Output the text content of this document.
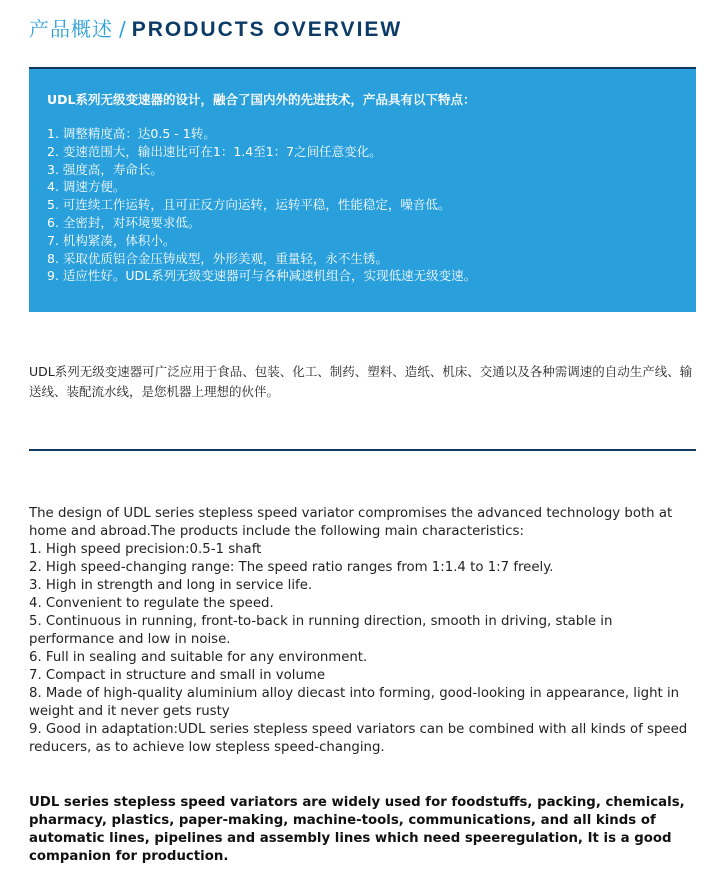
产品概述 / PRODUCTS OVERVIEW

UDL系列无级变速器的设计，融合了国内外的先进技术，产品具有以下特点：

1. 调整精度高：达0.5 - 1转。
2. 变速范围大，输出速比可在1：1.4至1：7之间任意变化。
3. 强度高，寿命长。
4. 调速方便。
5. 可连续工作运转，且可正反方向运转，运转平稳，性能稳定，噪音低。
6. 全密封，对环境要求低。
7. 机构紧凑，体积小。
8. 采取优质铝合金压铸成型，外形美观，重量轻，永不生锈。
9. 适应性好。UDL系列无级变速器可与各种减速机组合，实现低速无级变速。

UDL系列无级变速器可广泛应用于食品、包装、化工、制药、塑料、造纸、机床、交通以及各种需调速的自动生产线、输送线、装配流水线，是您机器上理想的伙伴。

The design of UDL series stepless speed variator compromises the advanced technology both at home and abroad.The products include the following main characteristics:

1. High speed precision:0.5-1 shaft
2. High speed-changing range: The speed ratio ranges from 1:1.4 to 1:7 freely.
3. High in strength and long in service life.
4. Convenient to regulate the speed.
5. Continuous in running, front-to-back in running direction, smooth in driving, stable in performance and low in noise.
6. Full in sealing and suitable for any environment.
7. Compact in structure and small in volume
8. Made of high-quality aluminium alloy diecast into forming, good-looking in appearance, light in weight and it never gets rusty
9. Good in adaptation:UDL series stepless speed variators can be combined with all kinds of speed reducers, as to achieve low stepless speed-changing.

UDL series stepless speed variators are widely used for foodstuffs, packing, chemicals, pharmacy, plastics, paper-making, machine-tools, communications, and all kinds of automatic lines, pipelines and assembly lines which need speeregulation, It is a good companion for production.
